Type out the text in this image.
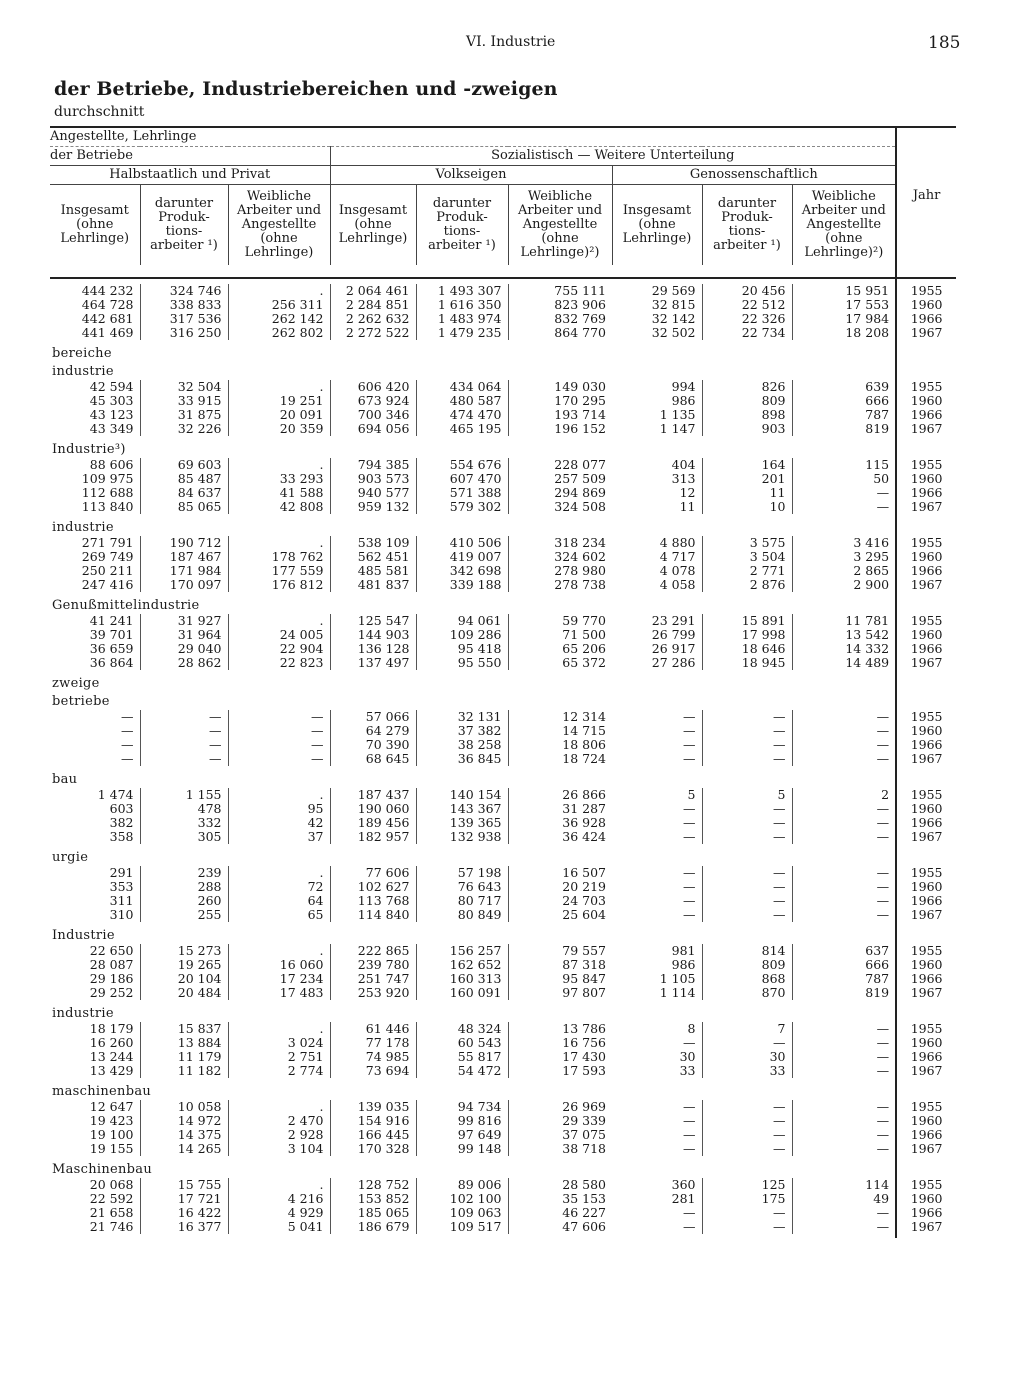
VI. Industrie	185
der Betriebe, Industriebereichen und -zweigen
durchschnitt
Angestellte, Lehrlinge									Jahr
der Betriebe			Sozialistisch — Weitere Unterteilung						
Halbstaatlich und Privat			Volkseigen			Genossenschaftlich			
Insgesamt (ohne Lehrlinge)	darunter Produk- tions- arbeiter ¹)	Weibliche Arbeiter und Angestellte (ohne Lehrlinge)	Insgesamt (ohne Lehrlinge)	darunter Produk- tions- arbeiter ¹)	Weibliche Arbeiter und Angestellte (ohne Lehrlinge)²)	Insgesamt (ohne Lehrlinge)	darunter Produk- tions- arbeiter ¹)	Weibliche Arbeiter und Angestellte (ohne Lehrlinge)²)	

444 232	324 746	.	2 064 461	1 493 307	755 111	29 569	20 456	15 951	1955
464 728	338 833	256 311	2 284 851	1 616 350	823 906	32 815	22 512	17 553	1960
442 681	317 536	262 142	2 262 632	1 483 974	832 769	32 142	22 326	17 984	1966
441 469	316 250	262 802	2 272 522	1 479 235	864 770	32 502	22 734	18 208	1967

bereiche									
industrie									
42 594	32 504	.	606 420	434 064	149 030	994	826	639	1955
45 303	33 915	19 251	673 924	480 587	170 295	986	809	666	1960
43 123	31 875	20 091	700 346	474 470	193 714	1 135	898	787	1966
43 349	32 226	20 359	694 056	465 195	196 152	1 147	903	819	1967

Industrie³)									
88 606	69 603	.	794 385	554 676	228 077	404	164	115	1955
109 975	85 487	33 293	903 573	607 470	257 509	313	201	50	1960
112 688	84 637	41 588	940 577	571 388	294 869	12	11	—	1966
113 840	85 065	42 808	959 132	579 302	324 508	11	10	—	1967

industrie									
271 791	190 712	.	538 109	410 506	318 234	4 880	3 575	3 416	1955
269 749	187 467	178 762	562 451	419 007	324 602	4 717	3 504	3 295	1960
250 211	171 984	177 559	485 581	342 698	278 980	4 078	2 771	2 865	1966
247 416	170 097	176 812	481 837	339 188	278 738	4 058	2 876	2 900	1967

Genußmittelindustrie									
41 241	31 927	.	125 547	94 061	59 770	23 291	15 891	11 781	1955
39 701	31 964	24 005	144 903	109 286	71 500	26 799	17 998	13 542	1960
36 659	29 040	22 904	136 128	95 418	65 206	26 917	18 646	14 332	1966
36 864	28 862	22 823	137 497	95 550	65 372	27 286	18 945	14 489	1967

zweige									
betriebe									
—	—	—	57 066	32 131	12 314	—	—	—	1955
—	—	—	64 279	37 382	14 715	—	—	—	1960
—	—	—	70 390	38 258	18 806	—	—	—	1966
—	—	—	68 645	36 845	18 724	—	—	—	1967

bau									
1 474	1 155	.	187 437	140 154	26 866	5	5	2	1955
603	478	95	190 060	143 367	31 287	—	—	—	1960
382	332	42	189 456	139 365	36 928	—	—	—	1966
358	305	37	182 957	132 938	36 424	—	—	—	1967

urgie									
291	239	.	77 606	57 198	16 507	—	—	—	1955
353	288	72	102 627	76 643	20 219	—	—	—	1960
311	260	64	113 768	80 717	24 703	—	—	—	1966
310	255	65	114 840	80 849	25 604	—	—	—	1967

Industrie									
22 650	15 273	.	222 865	156 257	79 557	981	814	637	1955
28 087	19 265	16 060	239 780	162 652	87 318	986	809	666	1960
29 186	20 104	17 234	251 747	160 313	95 847	1 105	868	787	1966
29 252	20 484	17 483	253 920	160 091	97 807	1 114	870	819	1967

industrie									
18 179	15 837	.	61 446	48 324	13 786	8	7	—	1955
16 260	13 884	3 024	77 178	60 543	16 756	—	—	—	1960
13 244	11 179	2 751	74 985	55 817	17 430	30	30	—	1966
13 429	11 182	2 774	73 694	54 472	17 593	33	33	—	1967

maschinenbau									
12 647	10 058	.	139 035	94 734	26 969	—	—	—	1955
19 423	14 972	2 470	154 916	99 816	29 339	—	—	—	1960
19 100	14 375	2 928	166 445	97 649	37 075	—	—	—	1966
19 155	14 265	3 104	170 328	99 148	38 718	—	—	—	1967

Maschinenbau									
20 068	15 755	.	128 752	89 006	28 580	360	125	114	1955
22 592	17 721	4 216	153 852	102 100	35 153	281	175	49	1960
21 658	16 422	4 929	185 065	109 063	46 227	—	—	—	1966
21 746	16 377	5 041	186 679	109 517	47 606	—	—	—	1967
